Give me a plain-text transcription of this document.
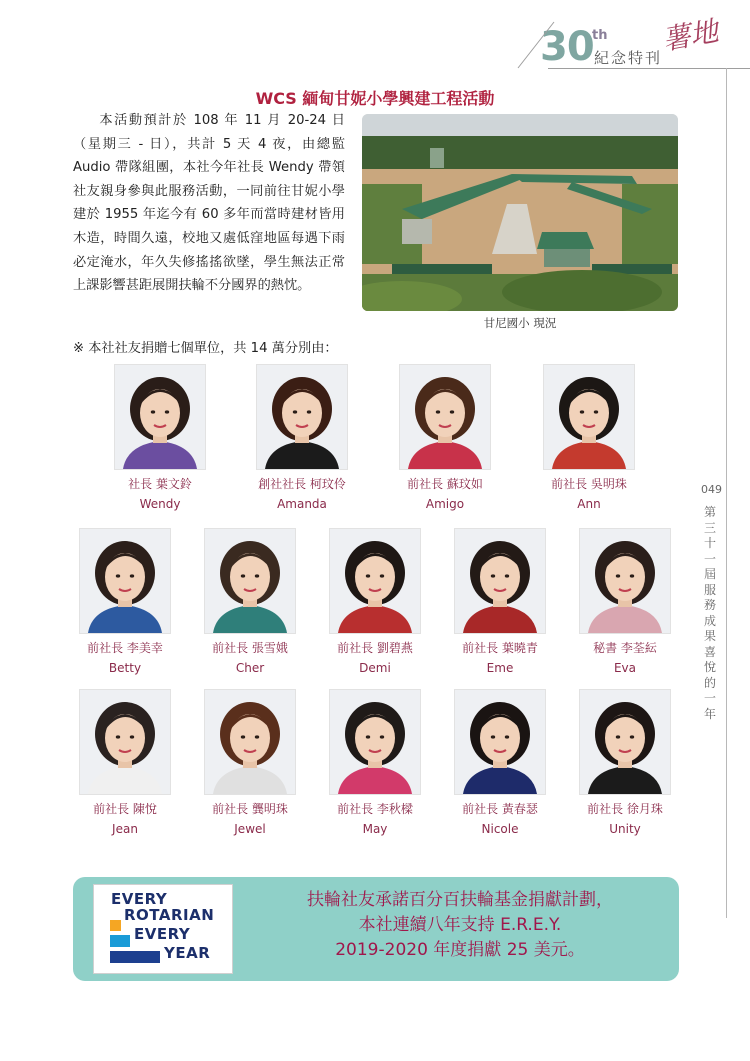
30
th
紀念特刊
薯地
049
第三十一屆服務成果喜悅的一年
WCS 緬甸甘妮小學興建工程活動
本活動預計於 108 年 11 月 20-24 日（星期三 - 日），共計 5 天 4 夜，由總監 Audio 帶隊組團，本社今年社長 Wendy 帶領社友親身參與此服務活動，一同前往甘妮小學建於 1955 年迄今有 60 多年而當時建材皆用木造，時間久遠，校地又處低窪地區每遇下雨必定淹水，年久失修搖搖欲墜，學生無法正常上課影響甚距展開扶輪不分國界的熱忱。
※ 本社社友捐贈七個單位，共 14 萬分別由：
甘尼國小 現況
社長 葉文鈴
Wendy
創社社長 柯玟伶
Amanda
前社長 蘇玟如
Amigo
前社長 吳明珠
Ann
前社長 李美幸
Betty
前社長 張雪娥
Cher
前社長 劉碧燕
Demi
前社長 葉曉青
Eme
秘書 李荃紜
Eva
前社長 陳悅
Jean
前社長 龔明珠
Jewel
前社長 李秋樑
May
前社長 黃春瑟
Nicole
前社長 徐月珠
Unity
EVERY
ROTARIAN
EVERY
YEAR
扶輪社友承諾百分百扶輪基金捐獻計劃，
本社連續八年支持 E.R.E.Y.
2019-2020 年度捐獻 25 美元。
